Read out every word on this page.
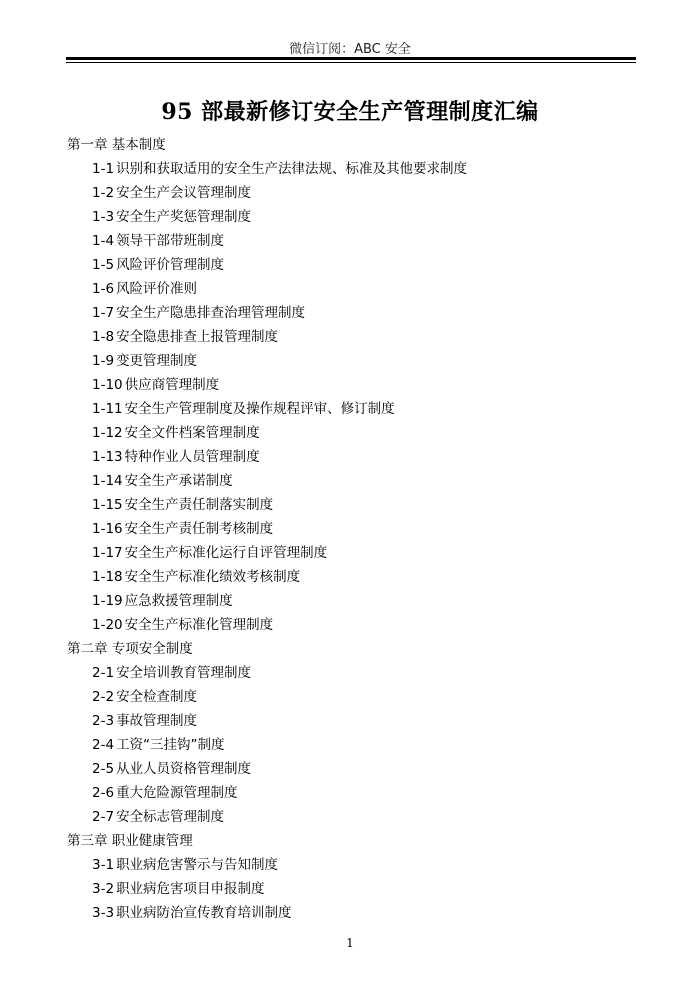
微信订阅：ABC 安全
95 部最新修订安全生产管理制度汇编
第一章 基本制度
1-1 识别和获取适用的安全生产法律法规、标准及其他要求制度
1-2 安全生产会议管理制度
1-3 安全生产奖惩管理制度
1-4 领导干部带班制度
1-5 风险评价管理制度
1-6 风险评价准则
1-7 安全生产隐患排查治理管理制度
1-8 安全隐患排查上报管理制度
1-9 变更管理制度
1-10 供应商管理制度
1-11 安全生产管理制度及操作规程评审、修订制度
1-12 安全文件档案管理制度
1-13 特种作业人员管理制度
1-14 安全生产承诺制度
1-15 安全生产责任制落实制度
1-16 安全生产责任制考核制度
1-17 安全生产标准化运行自评管理制度
1-18 安全生产标准化绩效考核制度
1-19 应急救援管理制度
1-20 安全生产标准化管理制度
第二章 专项安全制度
2-1 安全培训教育管理制度
2-2 安全检查制度
2-3 事故管理制度
2-4 工资“三挂钩”制度
2-5 从业人员资格管理制度
2-6 重大危险源管理制度
2-7 安全标志管理制度
第三章 职业健康管理
3-1 职业病危害警示与告知制度
3-2 职业病危害项目申报制度
3-3 职业病防治宣传教育培训制度
1
